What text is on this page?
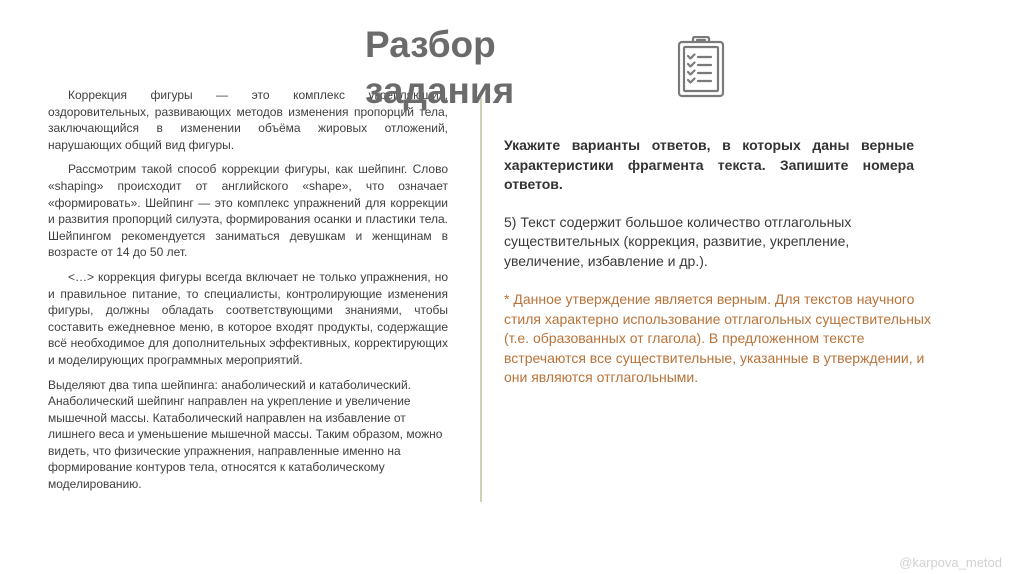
Разбор задания

Коррекция фигуры — это комплекс укрепляющих, оздоровительных, развивающих методов изменения пропорций тела, заключающийся в изменении объёма жировых отложений, нарушающих общий вид фигуры.

Рассмотрим такой способ коррекции фигуры, как шейпинг. Слово «shaping» происходит от английского «shape», что означает «формировать». Шейпинг — это комплекс упражнений для коррекции и развития пропорций силуэта, формирования осанки и пластики тела. Шейпингом рекомендуется заниматься девушкам и женщинам в возрасте от 14 до 50 лет.

<…> коррекция фигуры всегда включает не только упражнения, но и правильное питание, то специалисты, контролирующие изменения фигуры, должны обладать соответствующими знаниями, чтобы составить ежедневное меню, в которое входят продукты, содержащие всё необходимое для дополнительных эффективных, корректирующих и моделирующих программных мероприятий.

Выделяют два типа шейпинга: анаболический и катаболический. Анаболический шейпинг направлен на укрепление и увеличение мышечной массы. Катаболический направлен на избавление от лишнего веса и уменьшение мышечной массы. Таким образом, можно видеть, что физические упражнения, направленные именно на формирование контуров тела, относятся к катаболическому моделированию.

Укажите варианты ответов, в которых даны верные характеристики фрагмента текста. Запишите номера ответов.

5) Текст содержит большое количество отглагольных существительных (коррекция, развитие, укрепление, увеличение, избавление и др.).

* Данное утверждение является верным. Для текстов научного стиля характерно использование отглагольных существительных (т.е. образованных от глагола). В предложенном тексте встречаются все существительные, указанные в утверждении, и они являются отглагольными.

@karpova_metod
